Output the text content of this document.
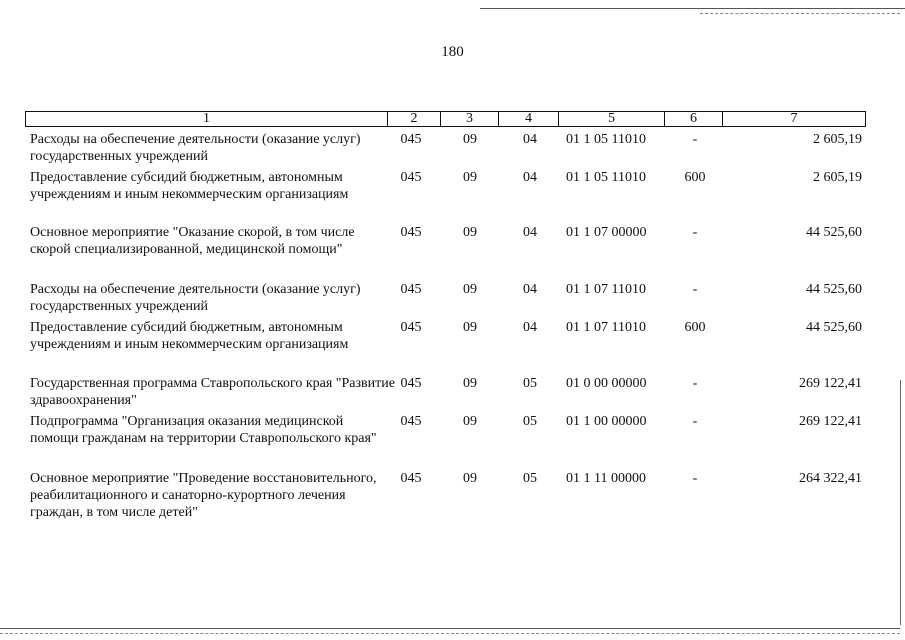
180
1	2	3	4	5	6	7
Расходы на обеспечение деятельности (оказание услуг) государственных учреждений
045	09	04	01 1 05 11010	-	2 605,19
Предоставление субсидий бюджетным, автономным учреждениям и иным некоммерческим организациям
045	09	04	01 1 05 11010	600	2 605,19
Основное мероприятие "Оказание скорой, в том числе скорой специализированной, медицинской помощи"
045	09	04	01 1 07 00000	-	44 525,60
Расходы на обеспечение деятельности (оказание услуг) государственных учреждений
045	09	04	01 1 07 11010	-	44 525,60
Предоставление субсидий бюджетным, автономным учреждениям и иным некоммерческим организациям
045	09	04	01 1 07 11010	600	44 525,60
Государственная программа Ставропольского края "Развитие здравоохранения"
045	09	05	01 0 00 00000	-	269 122,41
Подпрограмма "Организация оказания медицинской помощи гражданам на территории Ставропольского края"
045	09	05	01 1 00 00000	-	269 122,41
Основное мероприятие "Проведение восстановительного, реабилитационного и санаторно-курортного лечения граждан, в том числе детей"
045	09	05	01 1 11 00000	-	264 322,41
